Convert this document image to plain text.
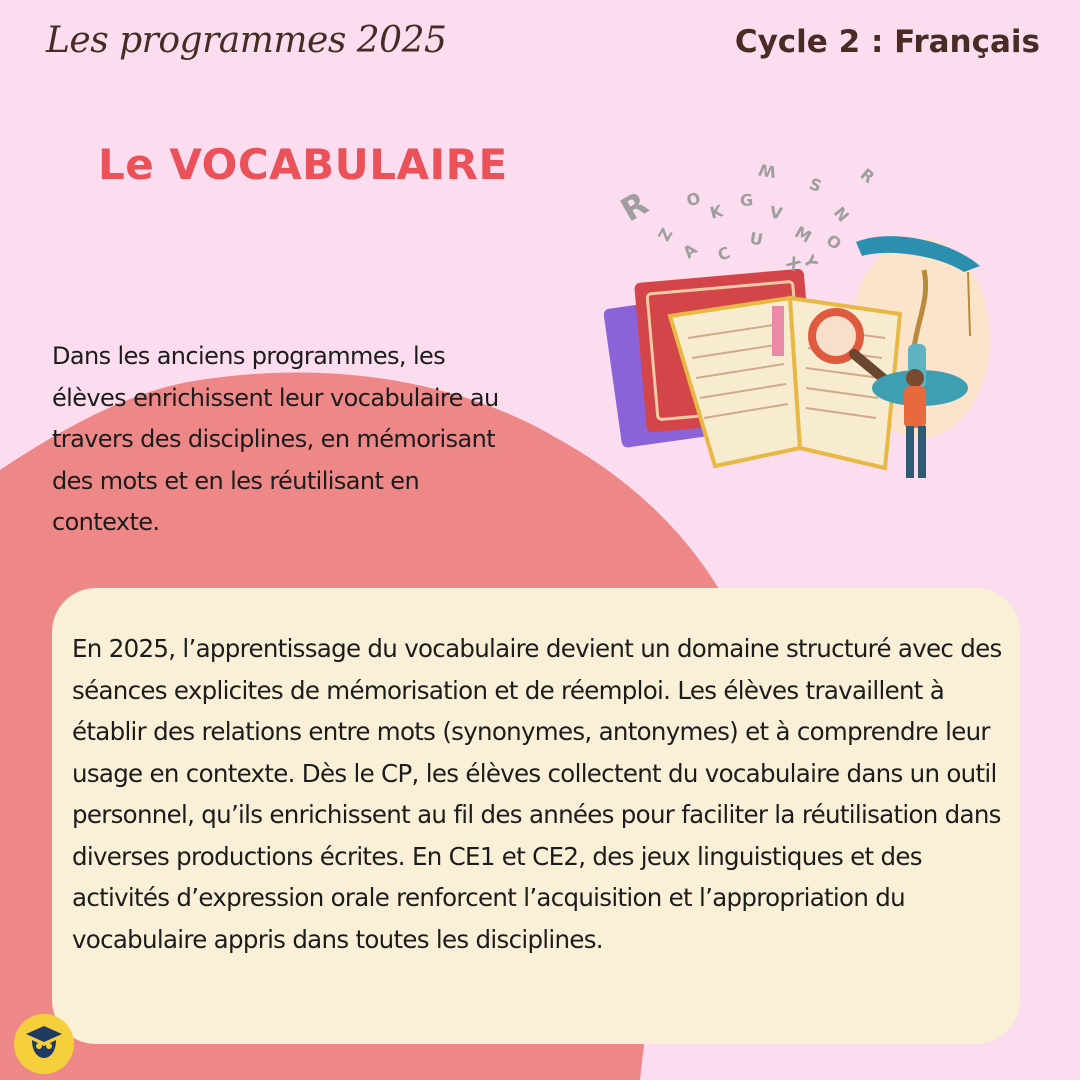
Les programmes 2025	Cycle 2 : Français
Le VOCABULAIRE
Dans les anciens programmes, les élèves enrichissent leur vocabulaire au travers des disciplines, en mémorisant des mots et en les réutilisant en contexte.
En 2025, l’apprentissage du vocabulaire devient un domaine structuré avec des séances explicites de mémorisation et de réemploi. Les élèves travaillent à établir des relations entre mots (synonymes, antonymes) et à comprendre leur usage en contexte. Dès le CP, les élèves collectent du vocabulaire dans un outil personnel, qu’ils enrichissent au fil des années pour faciliter la réutilisation dans diverses productions écrites. En CE1 et CE2, des jeux linguistiques et des activités d’expression orale renforcent l’acquisition et l’appropriation du vocabulaire appris dans toutes les disciplines.
R O
K
G
V
W
S R
N
O
Z
A C
U M
X
Y
